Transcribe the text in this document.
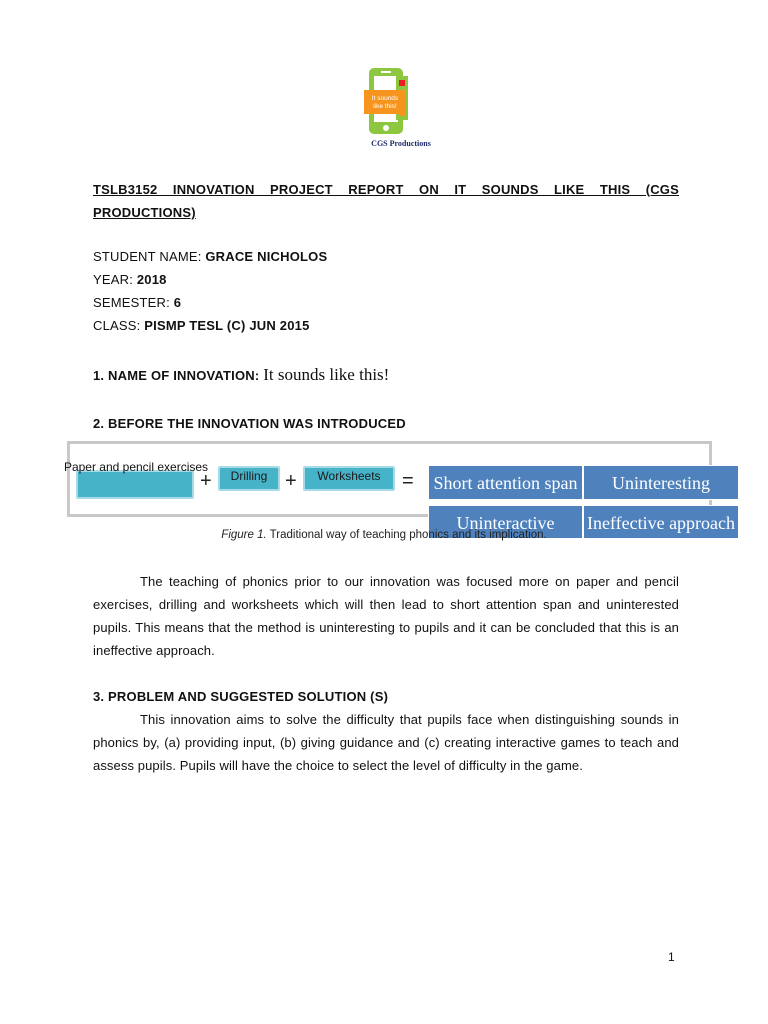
It sounds
like this!
CGS Productions
TSLB3152 INNOVATION PROJECT REPORT ON IT SOUNDS LIKE THIS (CGS PRODUCTIONS)
STUDENT NAME: GRACE NICHOLOS
YEAR: 2018
SEMESTER: 6
CLASS: PISMP TESL (C) JUN 2015
1. NAME OF INNOVATION: It sounds like this!
2. BEFORE THE INNOVATION WAS INTRODUCED
Paper and pencil exercises
+	Drilling +	Worksheets	=	Short attention span	Uninteresting
Uninteractive	Ineffective approach
Figure 1. Traditional way of teaching phonics and its implication.
The teaching of phonics prior to our innovation was focused more on paper and pencil exercises, drilling and worksheets which will then lead to short attention span and uninterested pupils. This means that the method is uninteresting to pupils and it can be concluded that this is an ineffective approach.
3. PROBLEM AND SUGGESTED SOLUTION (S)
This innovation aims to solve the difficulty that pupils face when distinguishing sounds in phonics by, (a) providing input, (b) giving guidance and (c) creating interactive games to teach and assess pupils. Pupils will have the choice to select the level of difficulty in the game.
1
